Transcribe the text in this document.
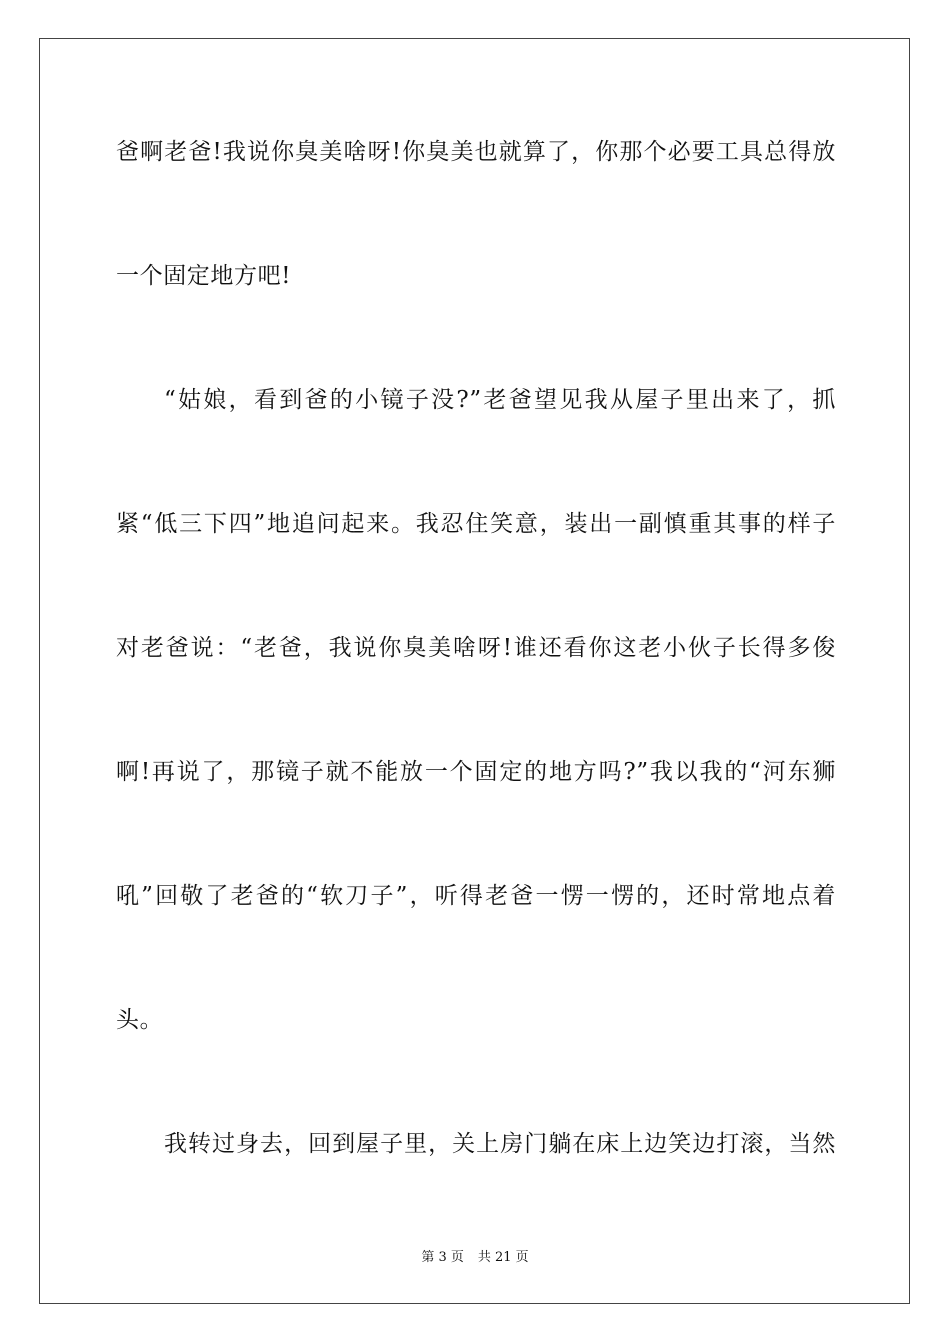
爸啊老爸!我说你臭美啥呀!你臭美也就算了，你那个必要工具总得放
一个固定地方吧!
“姑娘，看到爸的小镜子没?”老爸望见我从屋子里出来了，抓
紧“低三下四”地追问起来。我忍住笑意，装出一副慎重其事的样子
对老爸说：“老爸，我说你臭美啥呀!谁还看你这老小伙子长得多俊
啊!再说了，那镜子就不能放一个固定的地方吗?”我以我的“河东狮
吼”回敬了老爸的“软刀子”，听得老爸一愣一愣的，还时常地点着
头。
我转过身去，回到屋子里，关上房门躺在床上边笑边打滚，当然
第 3 页 共 21 页
